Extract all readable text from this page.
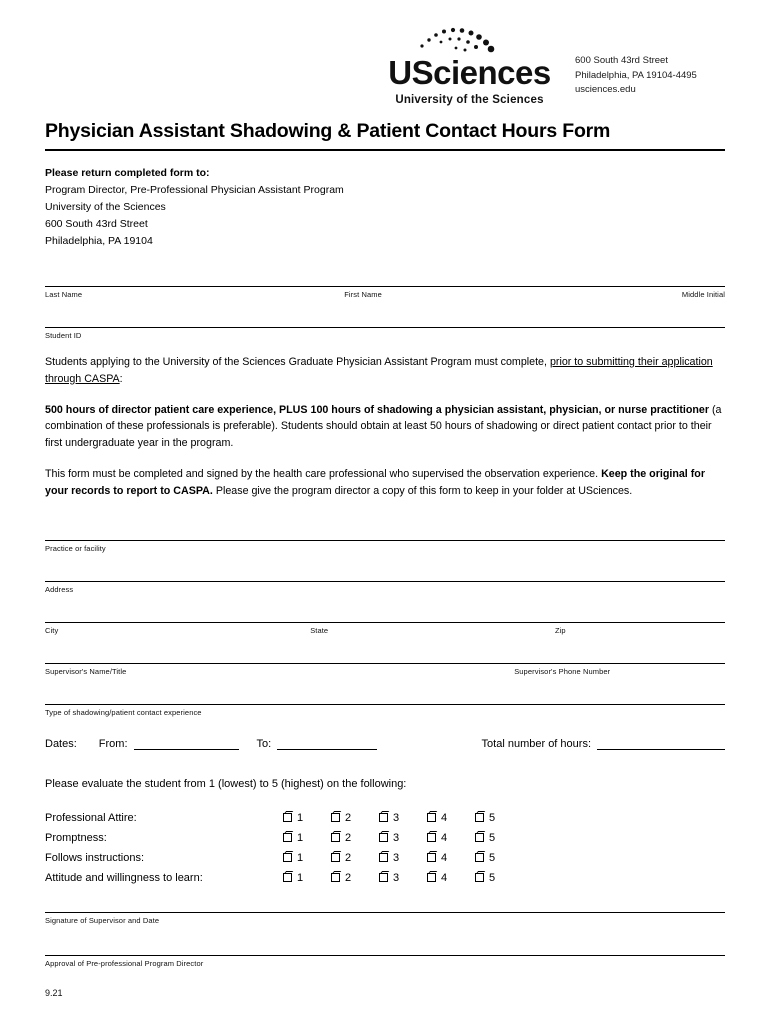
USciences
University of the Sciences
600 South 43rd Street
Philadelphia, PA 19104-4495
usciences.edu
Physician Assistant Shadowing & Patient Contact Hours Form
Please return completed form to:
Program Director, Pre-Professional Physician Assistant Program
University of the Sciences
600 South 43rd Street
Philadelphia, PA 19104
Last Name	First Name	Middle Initial
Student ID
Students applying to the University of the Sciences Graduate Physician Assistant Program must complete, prior to submitting their application through CASPA:
500 hours of director patient care experience, PLUS 100 hours of shadowing a physician assistant, physician, or nurse practitioner (a combination of these professionals is preferable). Students should obtain at least 50 hours of shadowing or direct patient contact prior to their first undergraduate year in the program.
This form must be completed and signed by the health care professional who supervised the observation experience. Keep the original for your records to report to CASPA. Please give the program director a copy of this form to keep in your folder at USciences.
Practice or facility
Address
City	State	Zip
Supervisor's Name/Title	Supervisor's Phone Number
Type of shadowing/patient contact experience
Dates: From:	To:	Total number of hours:
Please evaluate the student from 1 (lowest) to 5 (highest) on the following:
Professional Attire:	1	2	3	4	5
Promptness:	1	2	3	4	5
Follows instructions:	1	2	3	4	5
Attitude and willingness to learn:	1	2	3	4	5
Signature of Supervisor and Date
Approval of Pre-professional Program Director
9.21
